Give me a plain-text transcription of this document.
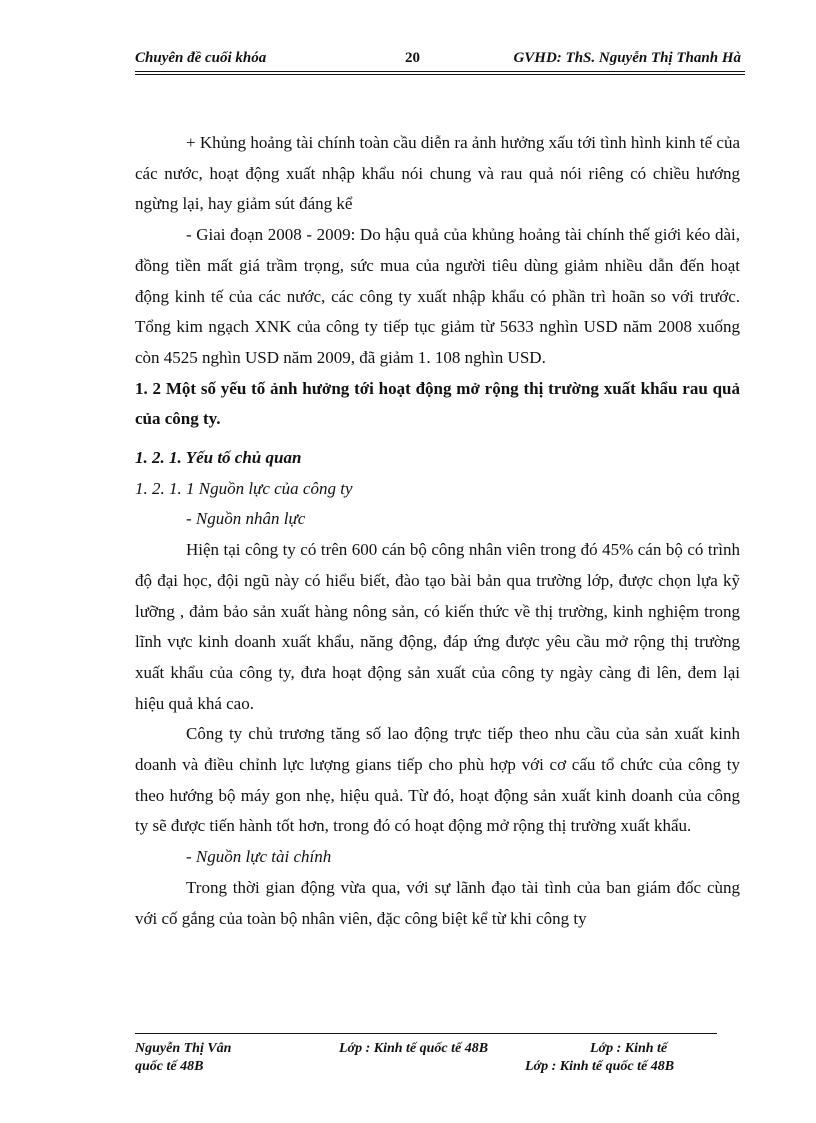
Chuyên đề cuối khóa	20	GVHD: ThS. Nguyễn Thị Thanh Hà

+ Khủng hoảng tài chính toàn cầu diễn ra ảnh hưởng xấu tới tình hình kinh tế của các nước, hoạt động xuất nhập khẩu nói chung và rau quả nói riêng có chiều hướng ngừng lại, hay giảm sút đáng kể

- Giai đoạn 2008 - 2009: Do hậu quả của khủng hoảng tài chính thế giới kéo dài, đồng tiền mất giá trầm trọng, sức mua của người tiêu dùng giảm nhiều dẫn đến hoạt động kinh tế của các nước, các công ty xuất nhập khẩu có phần trì hoãn so với trước. Tổng kim ngạch XNK của công ty tiếp tục giảm từ 5633 nghìn USD năm 2008 xuống còn 4525 nghìn USD năm 2009, đã giảm 1. 108 nghìn USD.

1. 2 Một số yếu tố ảnh hưởng tới hoạt động mở rộng thị trường xuất khẩu rau quả của công ty.

1. 2. 1. Yếu tố chủ quan

1. 2. 1. 1 Nguồn lực của công ty

- Nguồn nhân lực

Hiện tại công ty có trên 600 cán bộ công nhân viên trong đó 45% cán bộ có trình độ đại học, đội ngũ này có hiểu biết, đào tạo bài bản qua trường lớp, được chọn lựa kỹ lưỡng , đảm bảo sản xuất hàng nông sản, có kiến thức về thị trường, kinh nghiệm trong lĩnh vực kinh doanh xuất khẩu, năng động, đáp ứng được yêu cầu mở rộng thị trường xuất khẩu của công ty, đưa hoạt động sản xuất của công ty ngày càng đi lên, đem lại hiệu quả khá cao.

Công ty chủ trương tăng số lao động trực tiếp theo nhu cầu của sản xuất kinh doanh và điều chỉnh lực lượng gians tiếp cho phù hợp với cơ cấu tổ chức của công ty theo hướng bộ máy gon nhẹ, hiệu quả. Từ đó, hoạt động sản xuất kinh doanh của công ty sẽ được tiến hành tốt hơn, trong đó có hoạt động mở rộng thị trường xuất khẩu.

- Nguồn lực tài chính

Trong thời gian động vừa qua, với sự lãnh đạo tài tình của ban giám đốc cùng với cố gắng của toàn bộ nhân viên, đặc công biệt kể từ khi công ty

Nguyễn Thị Vân	Lớp : Kinh tế quốc tế 48B	Lớp : Kinh tế
quốc tế 48B	Lớp : Kinh tế quốc tế 48B
